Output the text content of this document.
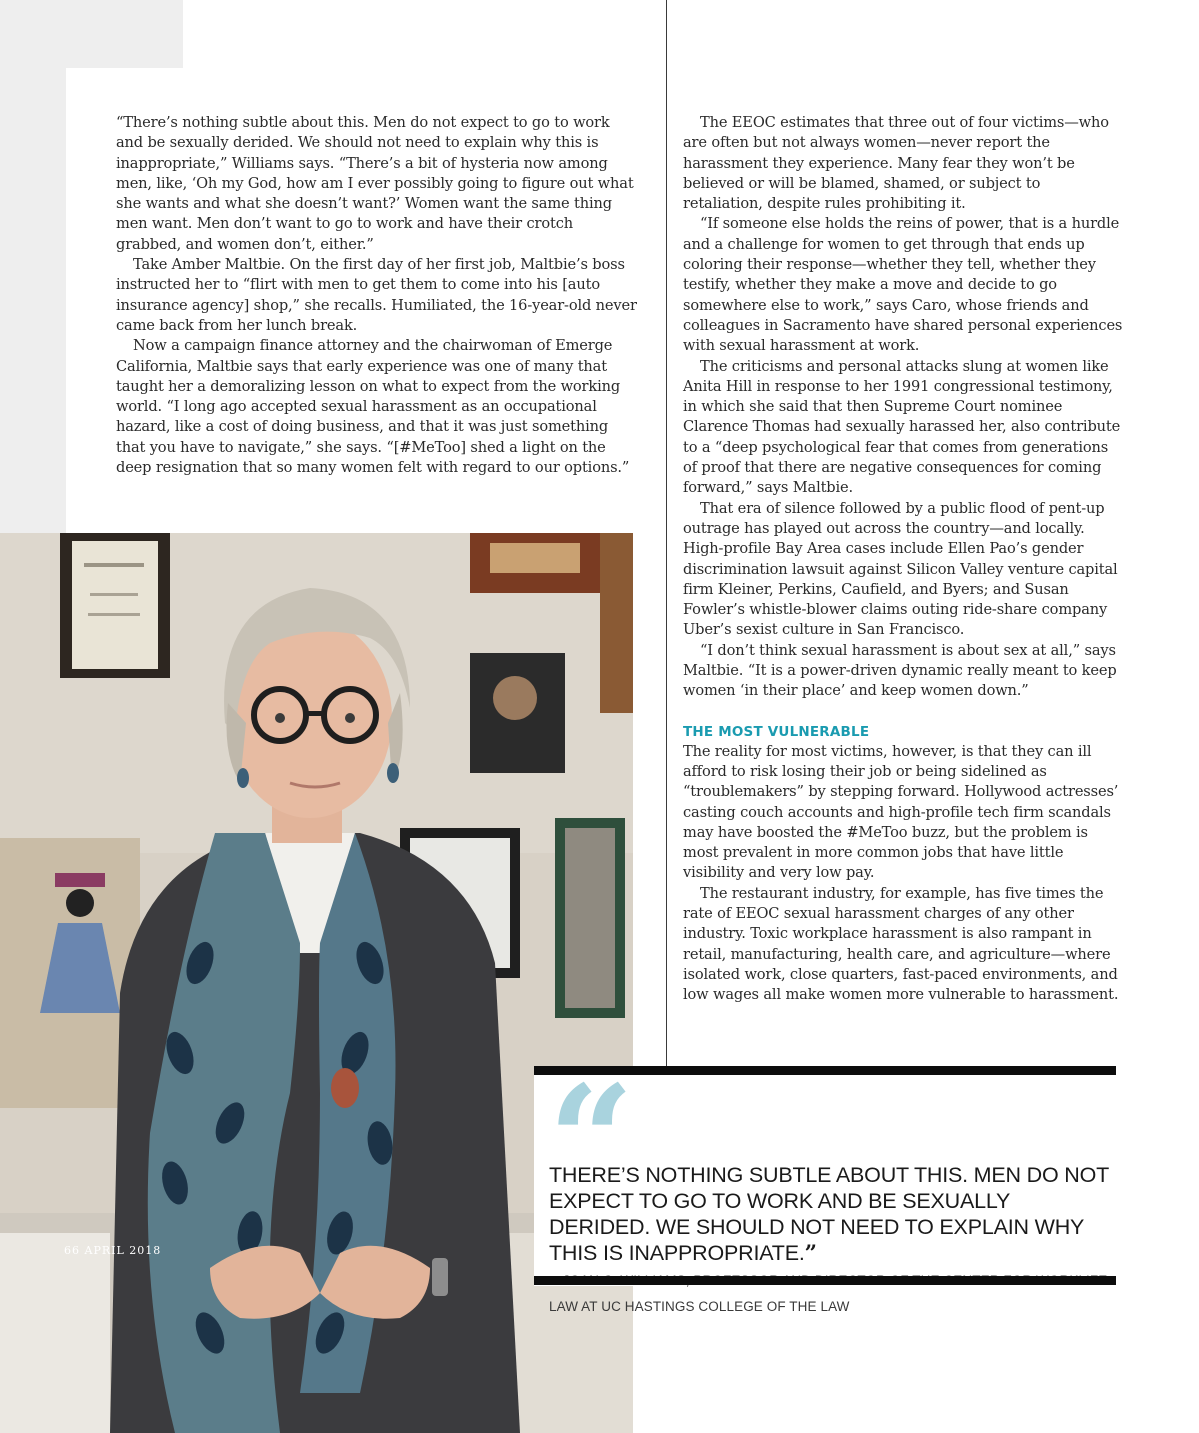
“There’s nothing subtle about this. Men do not expect to go to work and be sexually derided. We should not need to explain why this is inappropriate,” Williams says. “There’s a bit of hysteria now among men, like, ‘Oh my God, how am I ever possibly going to figure out what she wants and what she doesn’t want?’ Women want the same thing men want. Men don’t want to go to work and have their crotch grabbed, and women don’t, either.”

Take Amber Maltbie. On the first day of her first job, Maltbie’s boss instructed her to “flirt with men to get them to come into his [auto insurance agency] shop,” she recalls. Humiliated, the 16-year-old never came back from her lunch break.

Now a campaign finance attorney and the chairwoman of Emerge California, Maltbie says that early experience was one of many that taught her a demoralizing lesson on what to expect from the working world. “I long ago accepted sexual harassment as an occupational hazard, like a cost of doing business, and that it was just something that you have to navigate,” she says. “[#MeToo] shed a light on the deep resignation that so many women felt with regard to our options.”

The EEOC estimates that three out of four victims—who are often but not always women—never report the harassment they experience. Many fear they won’t be believed or will be blamed, shamed, or subject to retaliation, despite rules prohibiting it.

“If someone else holds the reins of power, that is a hurdle and a challenge for women to get through that ends up coloring their response—whether they tell, whether they testify, whether they make a move and decide to go somewhere else to work,” says Caro, whose friends and colleagues in Sacramento have shared personal experiences with sexual harassment at work.

The criticisms and personal attacks slung at women like Anita Hill in response to her 1991 congressional testimony, in which she said that then Supreme Court nominee Clarence Thomas had sexually harassed her, also contribute to a “deep psychological fear that comes from generations of proof that there are negative consequences for coming forward,” says Maltbie.

That era of silence followed by a public flood of pent-up outrage has played out across the country—and locally. High-profile Bay Area cases include Ellen Pao’s gender discrimination lawsuit against Silicon Valley venture capital firm Kleiner, Perkins, Caufield, and Byers; and Susan Fowler’s whistle-blower claims outing ride-share company Uber’s sexist culture in San Francisco.

“I don’t think sexual harassment is about sex at all,” says Maltbie. “It is a power-driven dynamic really meant to keep women ‘in their place’ and keep women down.”

THE MOST VULNERABLE

The reality for most victims, however, is that they can ill afford to risk losing their job or being sidelined as “troublemakers” by stepping forward. Hollywood actresses’ casting couch accounts and high-profile tech firm scandals may have boosted the #MeToo buzz, but the problem is most prevalent in more common jobs that have little visibility and very low pay.

The restaurant industry, for example, has five times the rate of EEOC sexual harassment charges of any other industry. Toxic workplace harassment is also rampant in retail, manufacturing, health care, and agriculture—where isolated work, close quarters, fast-paced environments, and low wages all make women more vulnerable to harassment.

66 APRIL 2018
“
THERE’S NOTHING SUBTLE ABOUT THIS. MEN DO NOT EXPECT TO GO TO WORK AND BE SEXUALLY DERIDED. WE SHOULD NOT NEED TO EXPLAIN WHY THIS IS INAPPROPRIATE.”
LAW AT UC HASTINGS COLLEGE OF THE LAW
